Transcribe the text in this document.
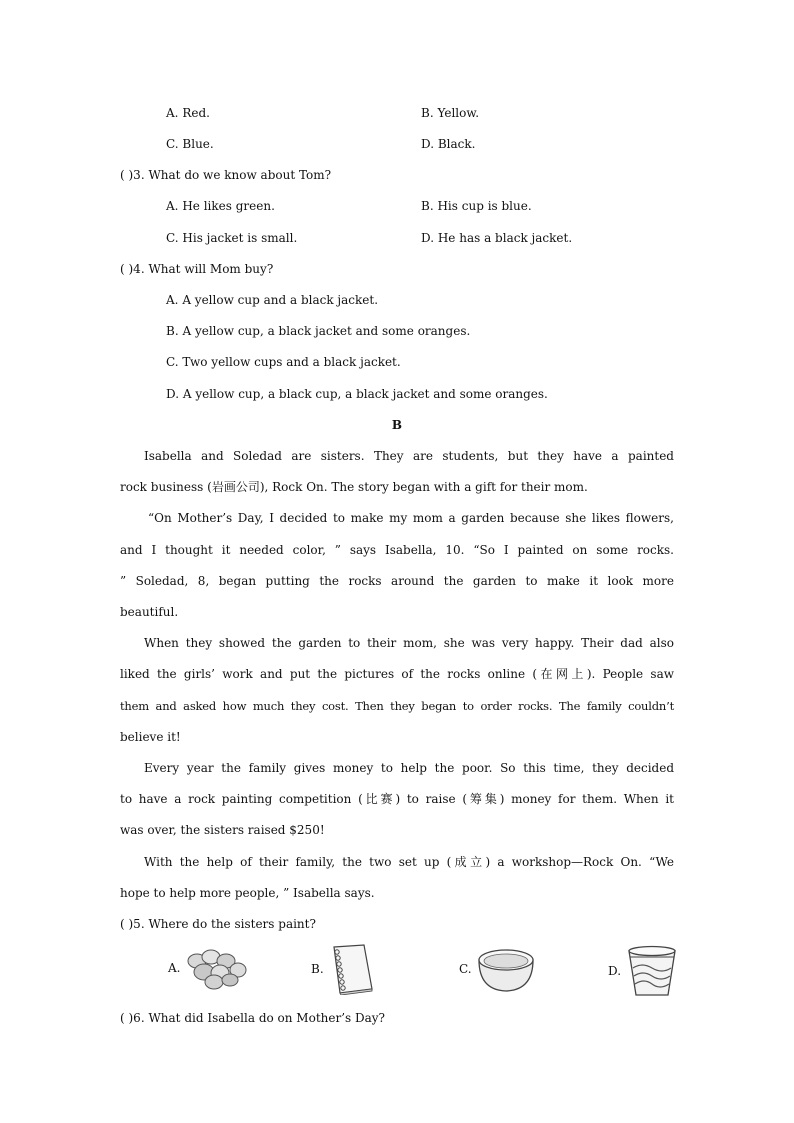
A. Red.	B. Yellow.
C. Blue.	D. Black.
( )3. What do we know about Tom?
A. He likes green.	B. His cup is blue.
C. His jacket is small.	D. He has a black jacket.
( )4. What will Mom buy?
A. A yellow cup and a black jacket.
B. A yellow cup, a black jacket and some oranges.
C. Two yellow cups and a black jacket.
D. A yellow cup, a black cup, a black jacket and some oranges.
B
Isabella and Soledad are sisters. They are students, but they have a painted
rock business (岩画公司), Rock On. The story began with a gift for their mom.
“On Mother’s Day, I decided to make my mom a garden because she likes flowers,
and I thought it needed color, ” says Isabella, 10. “So I painted on some rocks.
” Soledad, 8, began putting the rocks around the garden to make it look more
beautiful.
When they showed the garden to their mom, she was very happy. Their dad also
liked the girls’ work and put the pictures of the rocks online (在网上). People saw
them and asked how much they cost. Then they began to order rocks. The family couldn’t
believe it!
Every year the family gives money to help the poor. So this time, they decided
to have a rock painting competition (比赛) to raise (筹集) money for them. When it
was over, the sisters raised $250!
With the help of their family, the two set up (成立) a workshop—Rock On. “We
hope to help more people, ” Isabella says.
( )5. Where do the sisters paint?
A.	B.	C.	D.
( )6. What did Isabella do on Mother’s Day?
